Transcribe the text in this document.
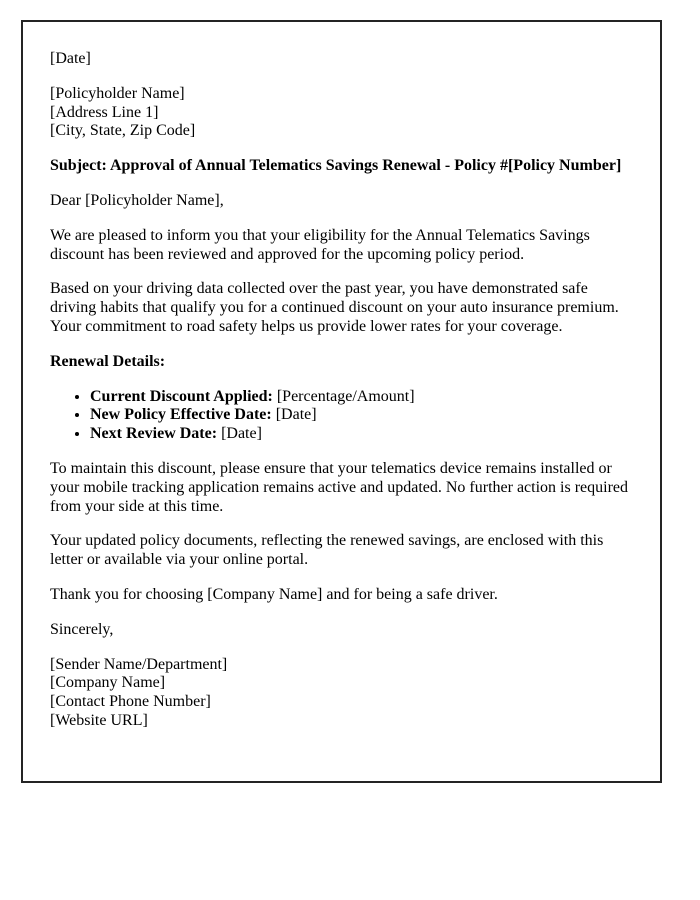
[Date]

[Policyholder Name]
[Address Line 1]
[City, State, Zip Code]

Subject: Approval of Annual Telematics Savings Renewal - Policy #[Policy Number]

Dear [Policyholder Name],

We are pleased to inform you that your eligibility for the Annual Telematics Savings discount has been reviewed and approved for the upcoming policy period.

Based on your driving data collected over the past year, you have demonstrated safe driving habits that qualify you for a continued discount on your auto insurance premium. Your commitment to road safety helps us provide lower rates for your coverage.

Renewal Details:

• Current Discount Applied: [Percentage/Amount]
• New Policy Effective Date: [Date]
• Next Review Date: [Date]

To maintain this discount, please ensure that your telematics device remains installed or your mobile tracking application remains active and updated. No further action is required from your side at this time.

Your updated policy documents, reflecting the renewed savings, are enclosed with this letter or available via your online portal.

Thank you for choosing [Company Name] and for being a safe driver.

Sincerely,

[Sender Name/Department]
[Company Name]
[Contact Phone Number]
[Website URL]
